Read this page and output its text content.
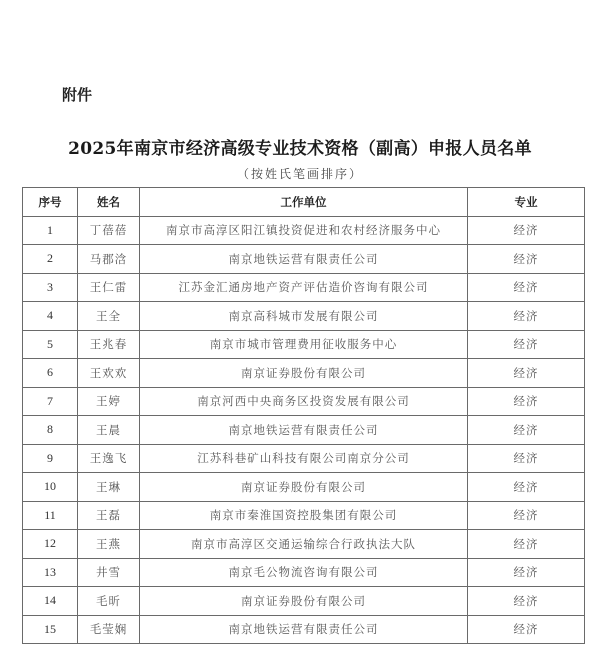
附件
2025年南京市经济高级专业技术资格（副高）申报人员名单
（按姓氏笔画排序）
序号	姓名	工作单位	专业
1	丁蓓蓓	南京市高淳区阳江镇投资促进和农村经济服务中心	经济
2	马郡浛	南京地铁运营有限责任公司	经济
3	王仁雷	江苏金汇通房地产资产评估造价咨询有限公司	经济
4	王全	南京高科城市发展有限公司	经济
5	王兆春	南京市城市管理费用征收服务中心	经济
6	王欢欢	南京证券股份有限公司	经济
7	王婷	南京河西中央商务区投资发展有限公司	经济
8	王晨	南京地铁运营有限责任公司	经济
9	王逸飞	江苏科巷矿山科技有限公司南京分公司	经济
10	王琳	南京证券股份有限公司	经济
11	王磊	南京市秦淮国资控股集团有限公司	经济
12	王燕	南京市高淳区交通运输综合行政执法大队	经济
13	井雪	南京毛公物流咨询有限公司	经济
14	毛昕	南京证券股份有限公司	经济
15	毛莹娴	南京地铁运营有限责任公司	经济
